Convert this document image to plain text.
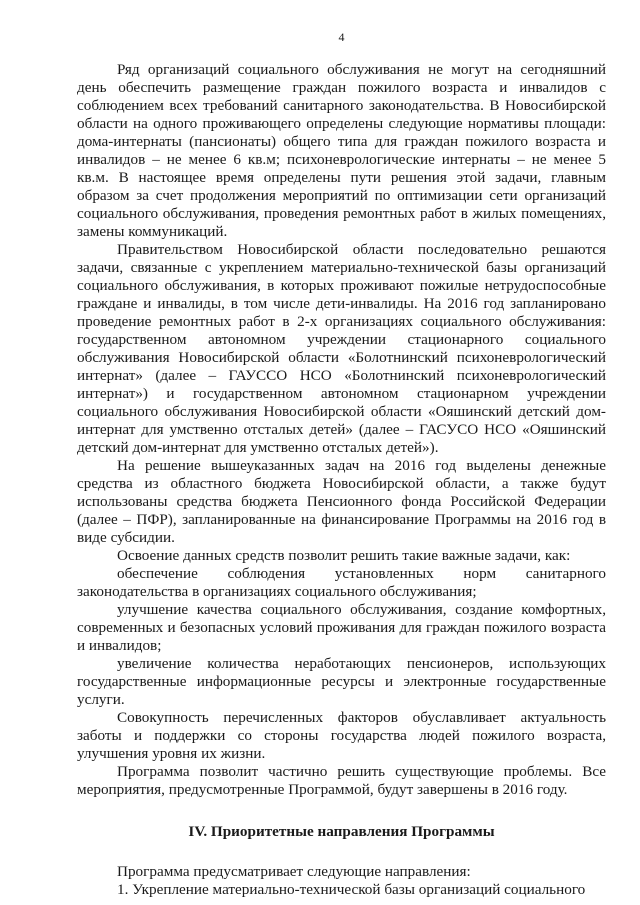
4

Ряд организаций социального обслуживания не могут на сегодняшний день обеспечить размещение граждан пожилого возраста и инвалидов с соблюдением всех требований санитарного законодательства. В Новосибирской области на одного проживающего определены следующие нормативы площади: дома-интернаты (пансионаты) общего типа для граждан пожилого возраста и инвалидов – не менее 6 кв.м; психоневрологические интернаты – не менее 5 кв.м. В настоящее время определены пути решения этой задачи, главным образом за счет продолжения мероприятий по оптимизации сети организаций социального обслуживания, проведения ремонтных работ в жилых помещениях, замены коммуникаций.

Правительством Новосибирской области последовательно решаются задачи, связанные с укреплением материально-технической базы организаций социального обслуживания, в которых проживают пожилые нетрудоспособные граждане и инвалиды, в том числе дети-инвалиды. На 2016 год запланировано проведение ремонтных работ в 2-х организациях социального обслуживания: государственном автономном учреждении стационарного социального обслуживания Новосибирской области «Болотнинский психоневрологический интернат» (далее – ГАУССО НСО «Болотнинский психоневрологический интернат») и государственном автономном стационарном учреждении социального обслуживания Новосибирской области «Ояшинский детский дом-интернат для умственно отсталых детей» (далее – ГАСУСО НСО «Ояшинский детский дом-интернат для умственно отсталых детей»).

На решение вышеуказанных задач на 2016 год выделены денежные средства из областного бюджета Новосибирской области, а также будут использованы средства бюджета Пенсионного фонда Российской Федерации (далее – ПФР), запланированные на финансирование Программы на 2016 год в виде субсидии.

Освоение данных средств позволит решить такие важные задачи, как:

обеспечение соблюдения установленных норм санитарного законодательства в организациях социального обслуживания;

улучшение качества социального обслуживания, создание комфортных, современных и безопасных условий проживания для граждан пожилого возраста и инвалидов;

увеличение количества неработающих пенсионеров, использующих государственные информационные ресурсы и электронные государственные услуги.

Совокупность перечисленных факторов обуславливает актуальность заботы и поддержки со стороны государства людей пожилого возраста, улучшения уровня их жизни.

Программа позволит частично решить существующие проблемы. Все мероприятия, предусмотренные Программой, будут завершены в 2016 году.

IV. Приоритетные направления Программы

Программа предусматривает следующие направления:

1. Укрепление материально-технической базы организаций социального
